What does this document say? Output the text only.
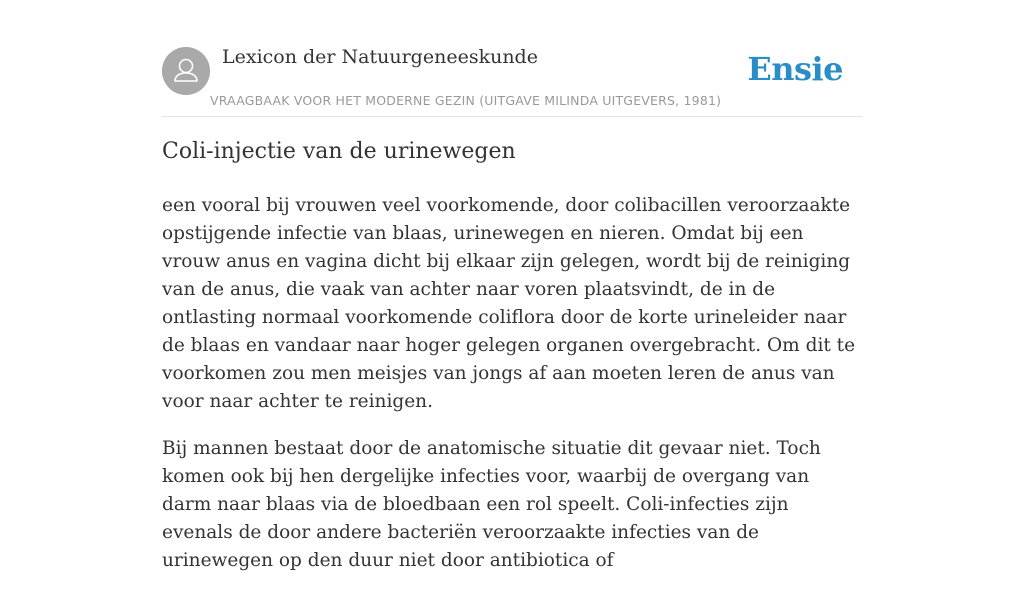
Lexicon der Natuurgeneeskunde
VRAAGBAAK VOOR HET MODERNE GEZIN (UITGAVE MILINDA UITGEVERS, 1981)
Ensie
Coli-injectie van de urinewegen

een vooral bij vrouwen veel voorkomende, door colibacillen veroorzaakte opstijgende infectie van blaas, urinewegen en nieren. Omdat bij een vrouw anus en vagina dicht bij elkaar zijn gelegen, wordt bij de reiniging van de anus, die vaak van achter naar voren plaatsvindt, de in de ontlasting normaal voorkomende coliflora door de korte urineleider naar de blaas en vandaar naar hoger gelegen organen overgebracht. Om dit te voorkomen zou men meisjes van jongs af aan moeten leren de anus van voor naar achter te reinigen.

Bij mannen bestaat door de anatomische situatie dit gevaar niet. Toch komen ook bij hen dergelijke infecties voor, waarbij de overgang van darm naar blaas via de bloedbaan een rol speelt. Coli-infecties zijn evenals de door andere bacteriën veroorzaakte infecties van de urinewegen op den duur niet door antibiotica of
